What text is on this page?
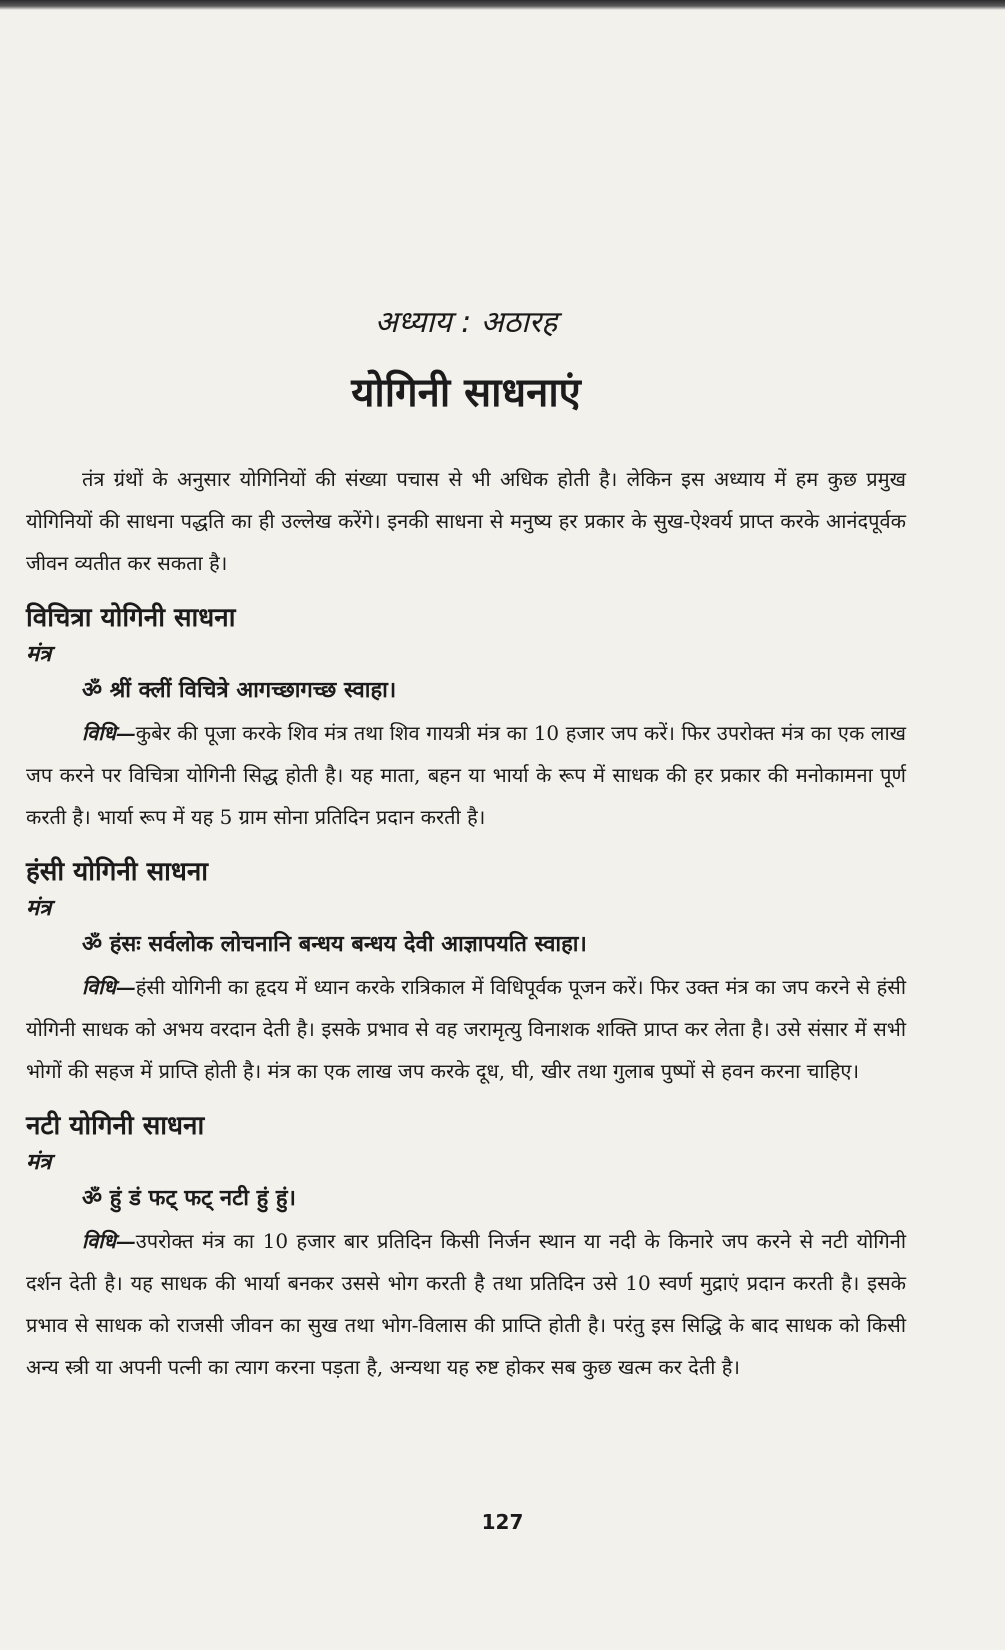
अध्याय : अठारह
योगिनी साधनाएं

तंत्र ग्रंथों के अनुसार योगिनियों की संख्या पचास से भी अधिक होती है। लेकिन इस अध्याय में हम कुछ प्रमुख योगिनियों की साधना पद्धति का ही उल्लेख करेंगे। इनकी साधना से मनुष्य हर प्रकार के सुख-ऐश्वर्य प्राप्त करके आनंदपूर्वक जीवन व्यतीत कर सकता है।

विचित्रा योगिनी साधना
मंत्र
ॐ श्रीं क्लीं विचित्रे आगच्छागच्छ स्वाहा।

विधि—कुबेर की पूजा करके शिव मंत्र तथा शिव गायत्री मंत्र का 10 हजार जप करें। फिर उपरोक्त मंत्र का एक लाख जप करने पर विचित्रा योगिनी सिद्ध होती है। यह माता, बहन या भार्या के रूप में साधक की हर प्रकार की मनोकामना पूर्ण करती है। भार्या रूप में यह 5 ग्राम सोना प्रतिदिन प्रदान करती है।

हंसी योगिनी साधना
मंत्र
ॐ हंसः सर्वलोक लोचनानि बन्धय बन्धय देवी आज्ञापयति स्वाहा।

विधि—हंसी योगिनी का हृदय में ध्यान करके रात्रिकाल में विधिपूर्वक पूजन करें। फिर उक्त मंत्र का जप करने से हंसी योगिनी साधक को अभय वरदान देती है। इसके प्रभाव से वह जरामृत्यु विनाशक शक्ति प्राप्त कर लेता है। उसे संसार में सभी भोगों की सहज में प्राप्ति होती है। मंत्र का एक लाख जप करके दूध, घी, खीर तथा गुलाब पुष्पों से हवन करना चाहिए।

नटी योगिनी साधना
मंत्र
ॐ हुं डं फट् फट् नटी हुं हुं।

विधि—उपरोक्त मंत्र का 10 हजार बार प्रतिदिन किसी निर्जन स्थान या नदी के किनारे जप करने से नटी योगिनी दर्शन देती है। यह साधक की भार्या बनकर उससे भोग करती है तथा प्रतिदिन उसे 10 स्वर्ण मुद्राएं प्रदान करती है। इसके प्रभाव से साधक को राजसी जीवन का सुख तथा भोग-विलास की प्राप्ति होती है। परंतु इस सिद्धि के बाद साधक को किसी अन्य स्त्री या अपनी पत्नी का त्याग करना पड़ता है, अन्यथा यह रुष्ट होकर सब कुछ खत्म कर देती है।

127
